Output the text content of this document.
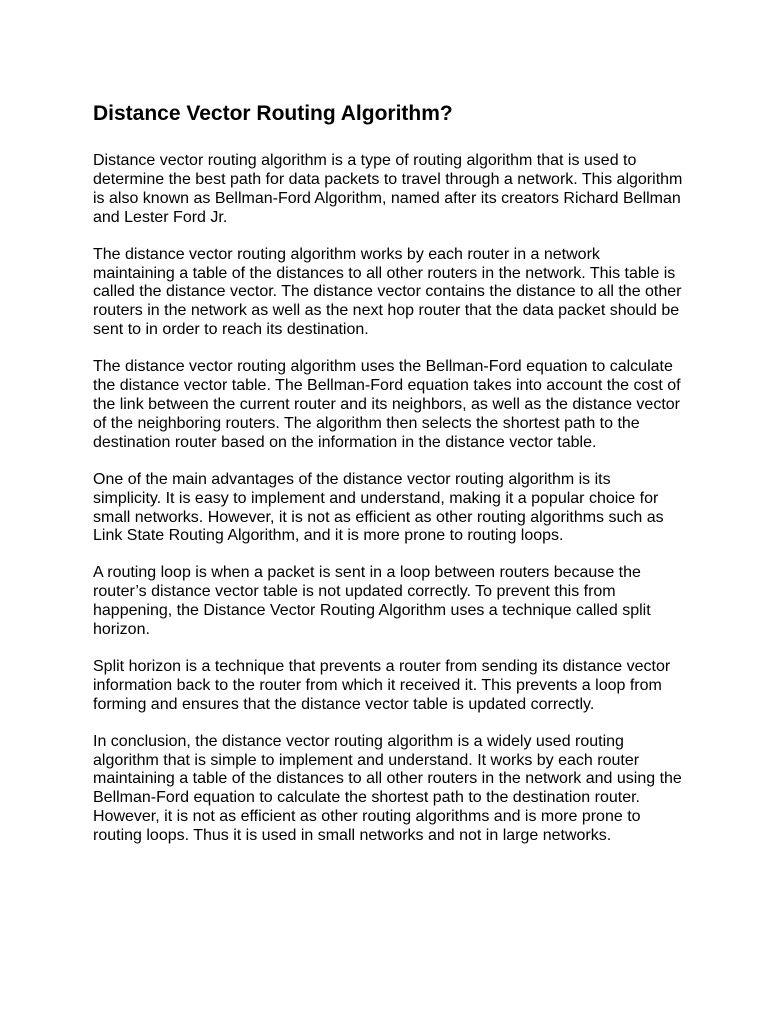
Distance Vector Routing Algorithm?

Distance vector routing algorithm is a type of routing algorithm that is used to determine the best path for data packets to travel through a network. This algorithm is also known as Bellman-Ford Algorithm, named after its creators Richard Bellman and Lester Ford Jr.

The distance vector routing algorithm works by each router in a network maintaining a table of the distances to all other routers in the network. This table is called the distance vector. The distance vector contains the distance to all the other routers in the network as well as the next hop router that the data packet should be sent to in order to reach its destination.

The distance vector routing algorithm uses the Bellman-Ford equation to calculate the distance vector table. The Bellman-Ford equation takes into account the cost of the link between the current router and its neighbors, as well as the distance vector of the neighboring routers. The algorithm then selects the shortest path to the destination router based on the information in the distance vector table.

One of the main advantages of the distance vector routing algorithm is its simplicity. It is easy to implement and understand, making it a popular choice for small networks. However, it is not as efficient as other routing algorithms such as Link State Routing Algorithm, and it is more prone to routing loops.

A routing loop is when a packet is sent in a loop between routers because the router’s distance vector table is not updated correctly. To prevent this from happening, the Distance Vector Routing Algorithm uses a technique called split horizon.

Split horizon is a technique that prevents a router from sending its distance vector information back to the router from which it received it. This prevents a loop from forming and ensures that the distance vector table is updated correctly.

In conclusion, the distance vector routing algorithm is a widely used routing algorithm that is simple to implement and understand. It works by each router maintaining a table of the distances to all other routers in the network and using the Bellman-Ford equation to calculate the shortest path to the destination router. However, it is not as efficient as other routing algorithms and is more prone to routing loops. Thus it is used in small networks and not in large networks.
